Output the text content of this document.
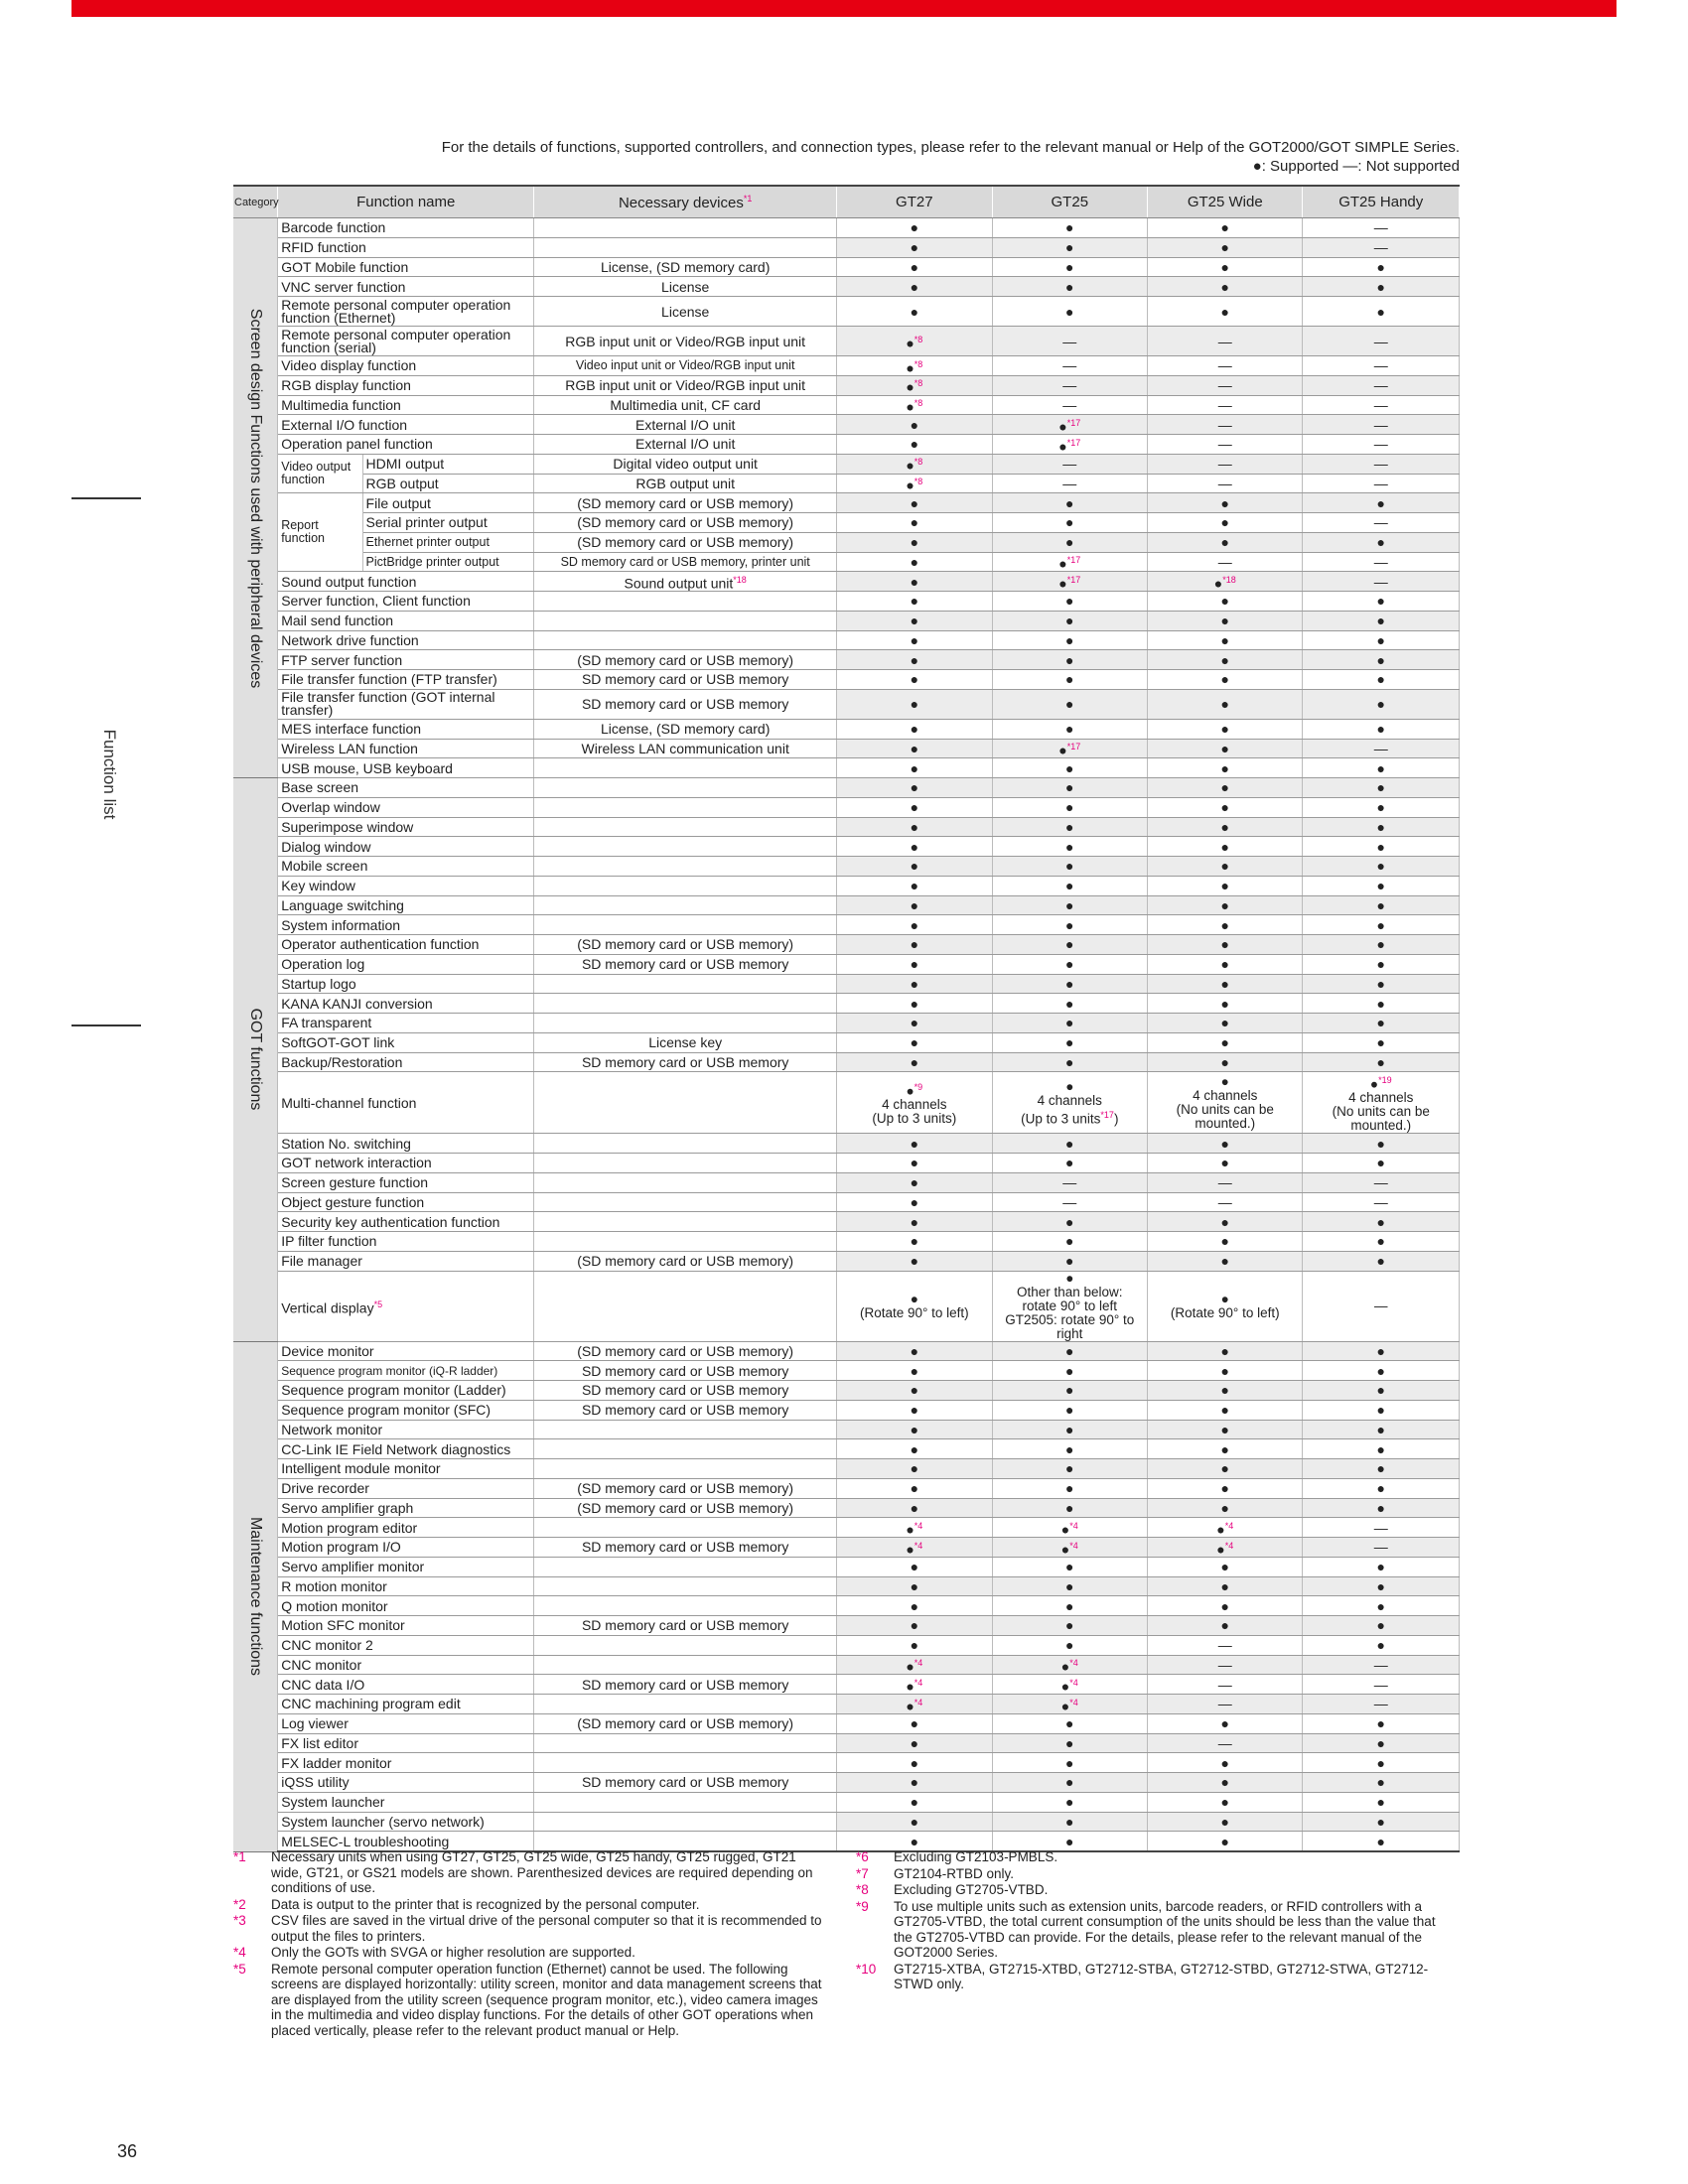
Function list
For the details of functions, supported controllers, and connection types, please refer to the relevant manual or Help of the GOT2000/GOT SIMPLE Series.
●: Supported —: Not supported
Category	Function name		Necessary devices$^{*1}$	GT27	GT25	GT25 Wide	GT25 Handy

Screen design Functions used with peripheral devices	Barcode function			●	●	●	—
	RFID function			●	●	●	—
	GOT Mobile function		License, (SD memory card)	●	●	●	●
	VNC server function		License	●	●	●	●
	Remote personal computer operation function (Ethernet)		License	●	●	●	●
	Remote personal computer operation function (serial)		RGB input unit or Video/RGB input unit	●$^{*8}$	—	—	—
	Video display function		Video input unit or Video/RGB input unit	●$^{*8}$	—	—	—
	RGB display function		RGB input unit or Video/RGB input unit	●$^{*8}$	—	—	—
	Multimedia function		Multimedia unit, CF card	●$^{*8}$	—	—	—
	External I/O function		External I/O unit	●	●$^{*17}$	—	—
	Operation panel function		External I/O unit	●	●$^{*17}$	—	—
	Video output function	HDMI output	Digital video output unit	●$^{*8}$	—	—	—
		RGB output	RGB output unit	●$^{*8}$	—	—	—
	Report function	File output	(SD memory card or USB memory)	●	●	●	●
		Serial printer output	(SD memory card or USB memory)	●	●	●	—
		Ethernet printer output	(SD memory card or USB memory)	●	●	●	●
		PictBridge printer output	SD memory card or USB memory, printer unit	●	●$^{*17}$	—	—
	Sound output function		Sound output unit$^{*18}$	●	●$^{*17}$	●$^{*18}$	—
	Server function, Client function			●	●	●	●
	Mail send function			●	●	●	●
	Network drive function			●	●	●	●
	FTP server function		(SD memory card or USB memory)	●	●	●	●
	File transfer function (FTP transfer)		SD memory card or USB memory	●	●	●	●
	File transfer function (GOT internal transfer)		SD memory card or USB memory	●	●	●	●
	MES interface function		License, (SD memory card)	●	●	●	●
	Wireless LAN function		Wireless LAN communication unit	●	●$^{*17}$	●	—
	USB mouse, USB keyboard			●	●	●	●

GOT functions	Base screen			●	●	●	●
	Overlap window			●	●	●	●
	Superimpose window			●	●	●	●
	Dialog window			●	●	●	●
	Mobile screen			●	●	●	●
	Key window			●	●	●	●
	Language switching			●	●	●	●
	System information			●	●	●	●
	Operator authentication function		(SD memory card or USB memory)	●	●	●	●
	Operation log		SD memory card or USB memory	●	●	●	●
	Startup logo			●	●	●	●
	KANA KANJI conversion			●	●	●	●
	FA transparent			●	●	●	●
	SoftGOT-GOT link		License key	●	●	●	●
	Backup/Restoration		SD memory card or USB memory	●	●	●	●
	Multi-channel function			●$^{*9}$
4 channels
(Up to 3 units)	●
4 channels
(Up to 3 units$^{*17}$)	●
4 channels
(No units can be mounted.)	●$^{*19}$
4 channels
(No units can be mounted.)
	Station No. switching			●	●	●	●
	GOT network interaction			●	●	●	●
	Screen gesture function			●	—	—	—
	Object gesture function			●	—	—	—
	Security key authentication function			●	●	●	●
	IP filter function			●	●	●	●
	File manager		(SD memory card or USB memory)	●	●	●	●
	Vertical display$^{*5}$			●
(Rotate 90° to left)	●
Other than below:
rotate 90° to left
GT2505: rotate 90° to right	●
(Rotate 90° to left)	—

Maintenance functions	Device monitor		(SD memory card or USB memory)	●	●	●	●
	Sequence program monitor (iQ-R ladder)		SD memory card or USB memory	●	●	●	●
	Sequence program monitor (Ladder)		SD memory card or USB memory	●	●	●	●
	Sequence program monitor (SFC)		SD memory card or USB memory	●	●	●	●
	Network monitor			●	●	●	●
	CC-Link IE Field Network diagnostics			●	●	●	●
	Intelligent module monitor			●	●	●	●
	Drive recorder		(SD memory card or USB memory)	●	●	●	●
	Servo amplifier graph		(SD memory card or USB memory)	●	●	●	●
	Motion program editor			●$^{*4}$	●$^{*4}$	●$^{*4}$	—
	Motion program I/O		SD memory card or USB memory	●$^{*4}$	●$^{*4}$	●$^{*4}$	—
	Servo amplifier monitor			●	●	●	●
	R motion monitor			●	●	●	●
	Q motion monitor			●	●	●	●
	Motion SFC monitor		SD memory card or USB memory	●	●	●	●
	CNC monitor 2			●	●	—	●
	CNC monitor			●$^{*4}$	●$^{*4}$	—	—
	CNC data I/O		SD memory card or USB memory	●$^{*4}$	●$^{*4}$	—	—
	CNC machining program edit			●$^{*4}$	●$^{*4}$	—	—
	Log viewer		(SD memory card or USB memory)	●	●	●	●
	FX list editor			●	●	—	●
	FX ladder monitor			●	●	●	●
	iQSS utility		SD memory card or USB memory	●	●	●	●
	System launcher			●	●	●	●
	System launcher (servo network)			●	●	●	●
	MELSEC-L troubleshooting			●	●	●	●
*1 Necessary units when using GT27, GT25, GT25 wide, GT25 handy, GT25 rugged, GT21 wide, GT21, or GS21 models are shown. Parenthesized devices are required depending on conditions of use.
*2 Data is output to the printer that is recognized by the personal computer.
*3 CSV files are saved in the virtual drive of the personal computer so that it is recommended to output the files to printers.
*4 Only the GOTs with SVGA or higher resolution are supported.
*5 Remote personal computer operation function (Ethernet) cannot be used. The following screens are displayed horizontally: utility screen, monitor and data management screens that are displayed from the utility screen (sequence program monitor, etc.), video camera images in the multimedia and video display functions. For the details of other GOT operations when placed vertically, please refer to the relevant product manual or Help.
*6 Excluding GT2103-PMBLS.
*7 GT2104-RTBD only.
*8 Excluding GT2705-VTBD.
*9 To use multiple units such as extension units, barcode readers, or RFID controllers with a GT2705-VTBD, the total current consumption of the units should be less than the value that the GT2705-VTBD can provide. For the details, please refer to the relevant manual of the GOT2000 Series.
*10 GT2715-XTBA, GT2715-XTBD, GT2712-STBA, GT2712-STBD, GT2712-STWA, GT2712-STWD only.
36
